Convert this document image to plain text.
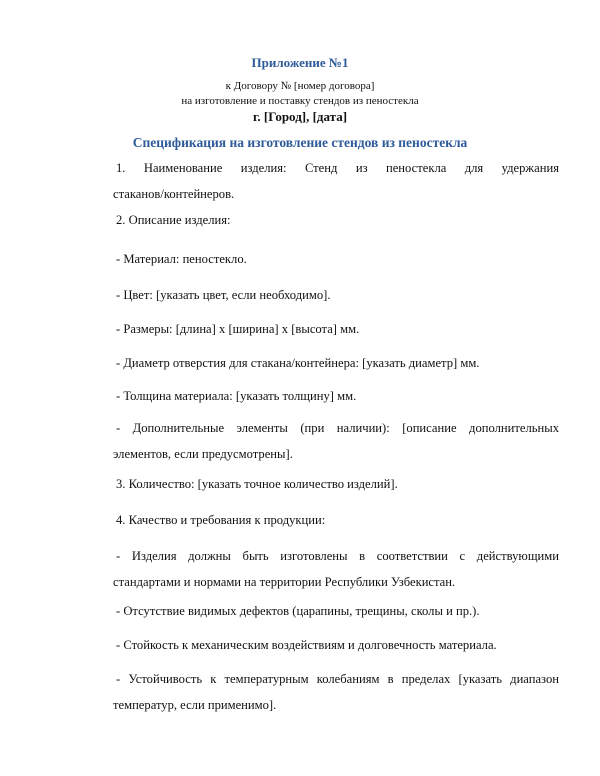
Приложение №1
к Договору № [номер договора]
на изготовление и поставку стендов из пеностекла
г. [Город], [дата]
Спецификация на изготовление стендов из пеностекла
1. Наименование изделия: Стенд из пеностекла для удержания
стаканов/контейнеров.
2. Описание изделия:
- Материал: пеностекло.
- Цвет: [указать цвет, если необходимо].
- Размеры: [длина] x [ширина] x [высота] мм.
- Диаметр отверстия для стакана/контейнера: [указать диаметр] мм.
- Толщина материала: [указать толщину] мм.
- Дополнительные элементы (при наличии): [описание дополнительных
элементов, если предусмотрены].
3. Количество: [указать точное количество изделий].
4. Качество и требования к продукции:
- Изделия должны быть изготовлены в соответствии с действующими
стандартами и нормами на территории Республики Узбекистан.
- Отсутствие видимых дефектов (царапины, трещины, сколы и пр.).
- Стойкость к механическим воздействиям и долговечность материала.
- Устойчивость к температурным колебаниям в пределах [указать диапазон
температур, если применимо].
